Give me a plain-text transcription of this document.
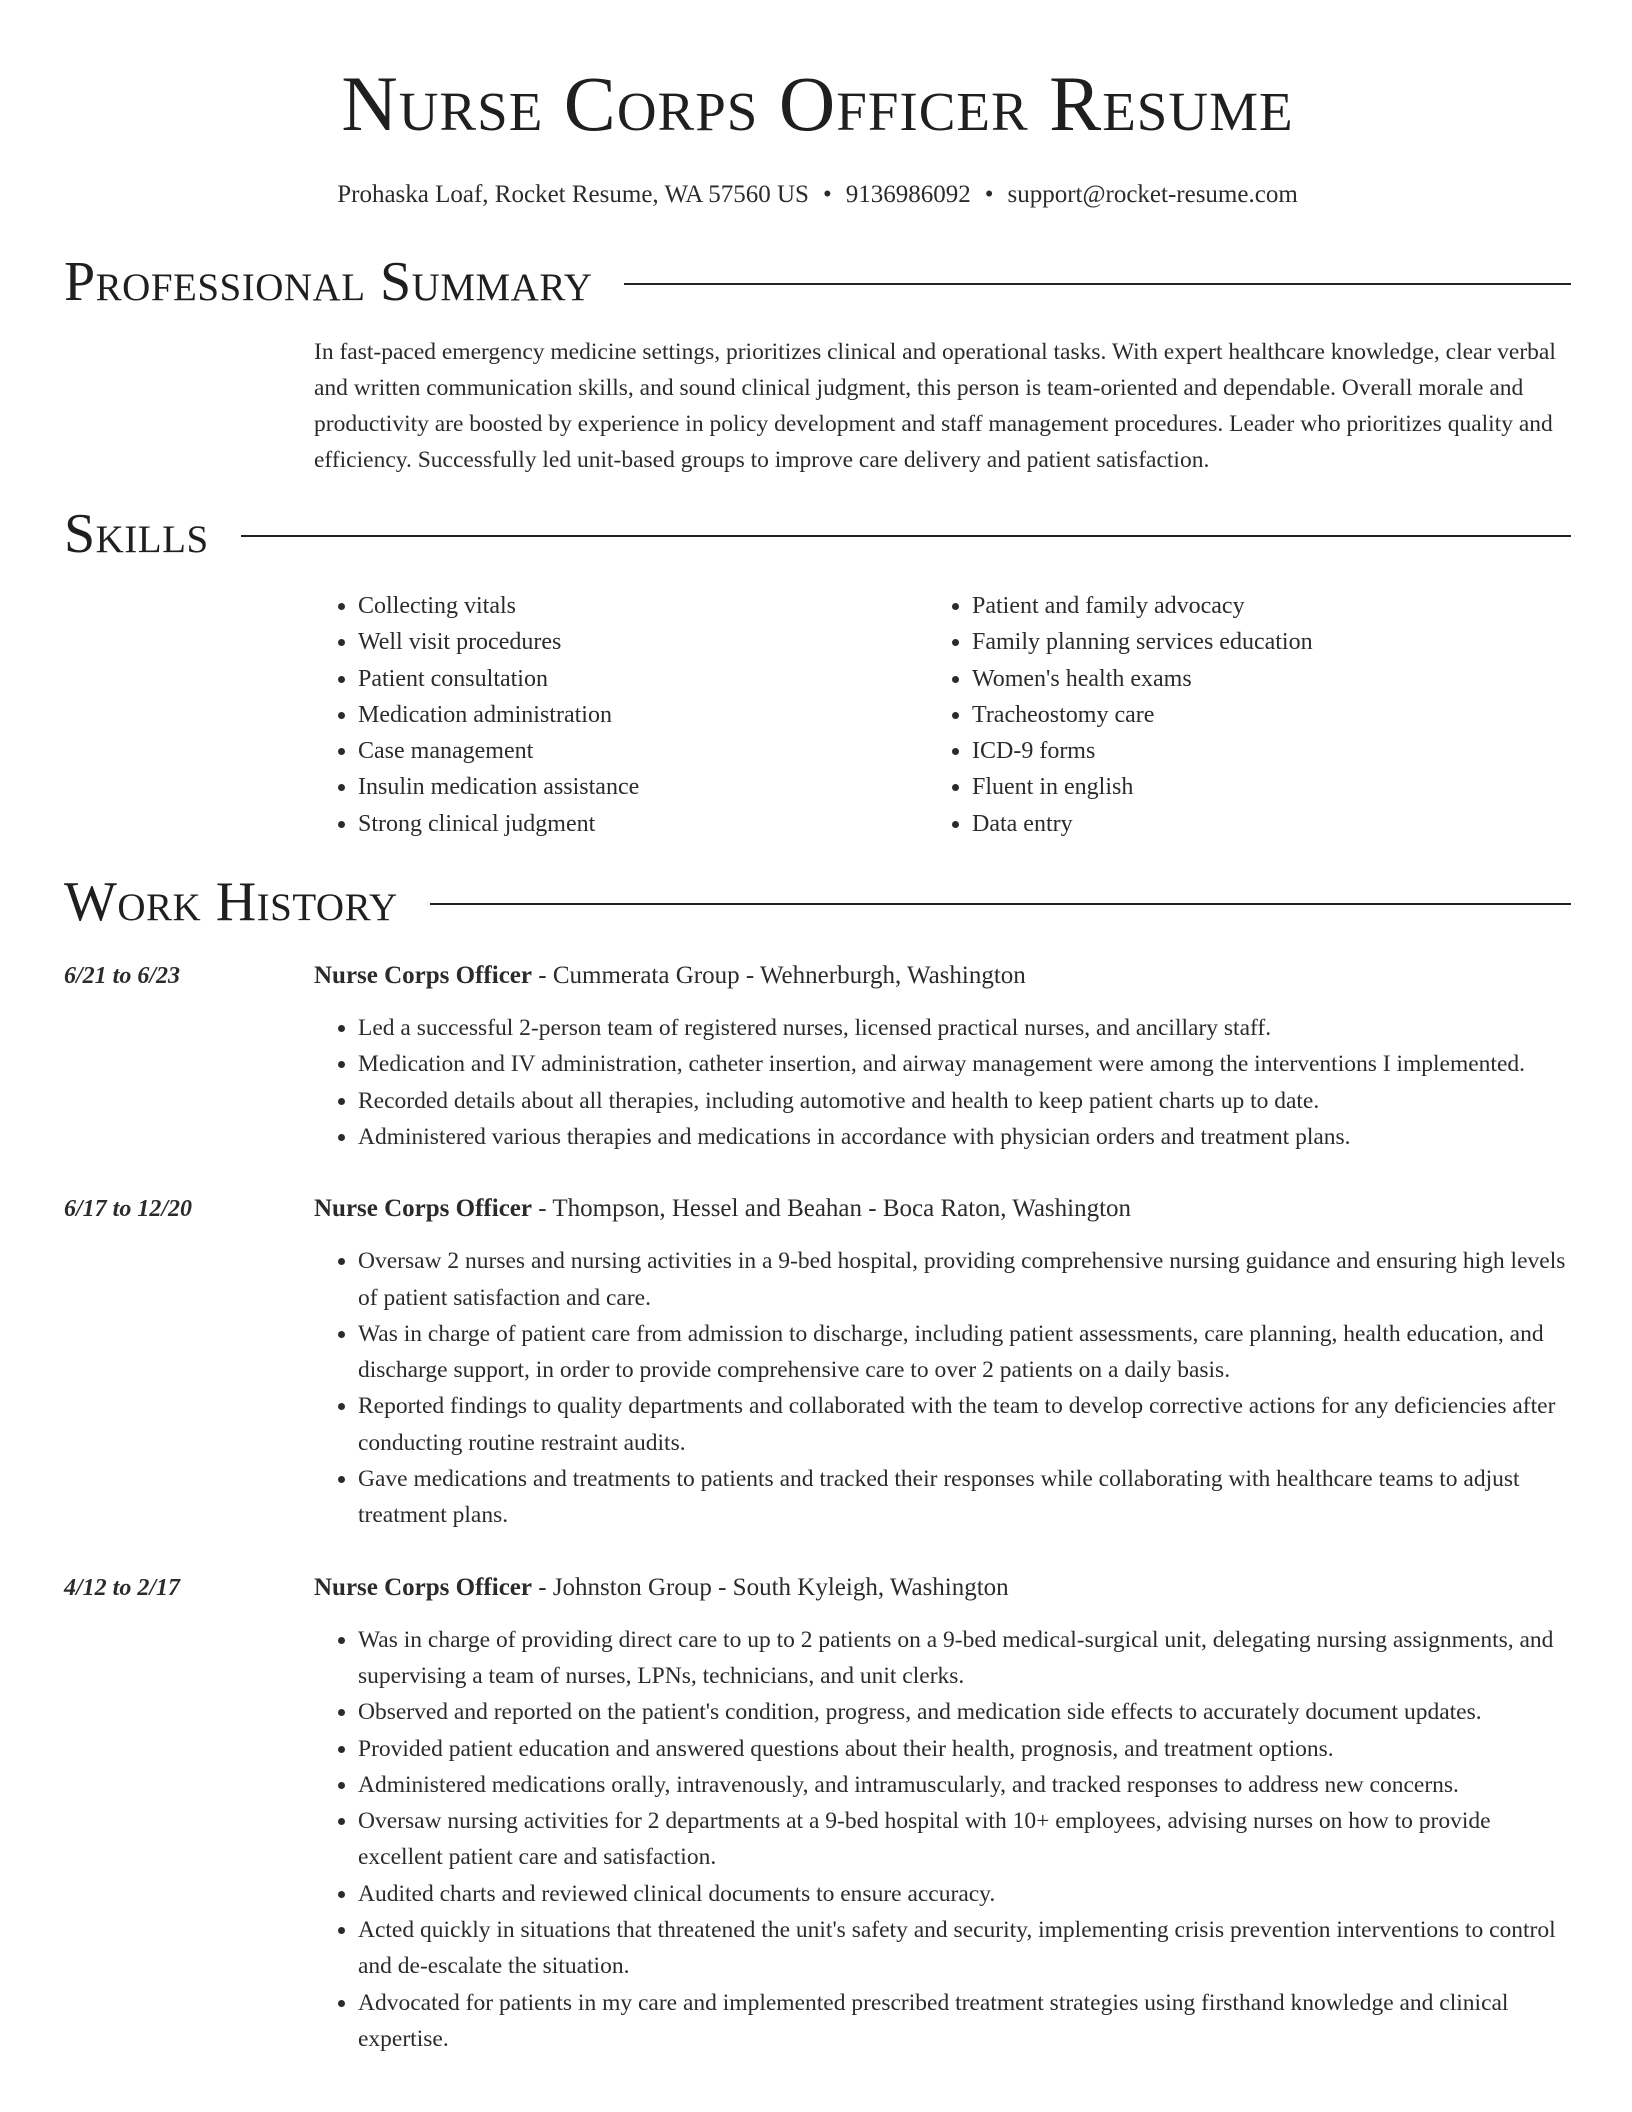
Nurse Corps Officer Resume
Prohaska Loaf, Rocket Resume, WA 57560 US • 9136986092 • support@rocket-resume.com
Professional Summary

In fast-paced emergency medicine settings, prioritizes clinical and operational tasks. With expert healthcare knowledge, clear verbal and written communication skills, and sound clinical judgment, this person is team-oriented and dependable. Overall morale and productivity are boosted by experience in policy development and staff management procedures. Leader who prioritizes quality and efficiency. Successfully led unit-based groups to improve care delivery and patient satisfaction.

Skills
• Collecting vitals
• Well visit procedures
• Patient consultation
• Medication administration
• Case management
• Insulin medication assistance
• Strong clinical judgment
• Patient and family advocacy
• Family planning services education
• Women's health exams
• Tracheostomy care
• ICD-9 forms
• Fluent in english
• Data entry
Work History
6/21 to 6/23	Nurse Corps Officer - Cummerata Group - Wehnerburgh, Washington
• Led a successful 2-person team of registered nurses, licensed practical nurses, and ancillary staff.
• Medication and IV administration, catheter insertion, and airway management were among the interventions I implemented.
• Recorded details about all therapies, including automotive and health to keep patient charts up to date.
• Administered various therapies and medications in accordance with physician orders and treatment plans.
6/17 to 12/20	Nurse Corps Officer - Thompson, Hessel and Beahan - Boca Raton, Washington
• Oversaw 2 nurses and nursing activities in a 9-bed hospital, providing comprehensive nursing guidance and ensuring high levels of patient satisfaction and care.
• Was in charge of patient care from admission to discharge, including patient assessments, care planning, health education, and discharge support, in order to provide comprehensive care to over 2 patients on a daily basis.
• Reported findings to quality departments and collaborated with the team to develop corrective actions for any deficiencies after conducting routine restraint audits.
• Gave medications and treatments to patients and tracked their responses while collaborating with healthcare teams to adjust treatment plans.
4/12 to 2/17	Nurse Corps Officer - Johnston Group - South Kyleigh, Washington
• Was in charge of providing direct care to up to 2 patients on a 9-bed medical-surgical unit, delegating nursing assignments, and supervising a team of nurses, LPNs, technicians, and unit clerks.
• Observed and reported on the patient's condition, progress, and medication side effects to accurately document updates.
• Provided patient education and answered questions about their health, prognosis, and treatment options.
• Administered medications orally, intravenously, and intramuscularly, and tracked responses to address new concerns.
• Oversaw nursing activities for 2 departments at a 9-bed hospital with 10+ employees, advising nurses on how to provide excellent patient care and satisfaction.
• Audited charts and reviewed clinical documents to ensure accuracy.
• Acted quickly in situations that threatened the unit's safety and security, implementing crisis prevention interventions to control and de-escalate the situation.
• Advocated for patients in my care and implemented prescribed treatment strategies using firsthand knowledge and clinical expertise.
